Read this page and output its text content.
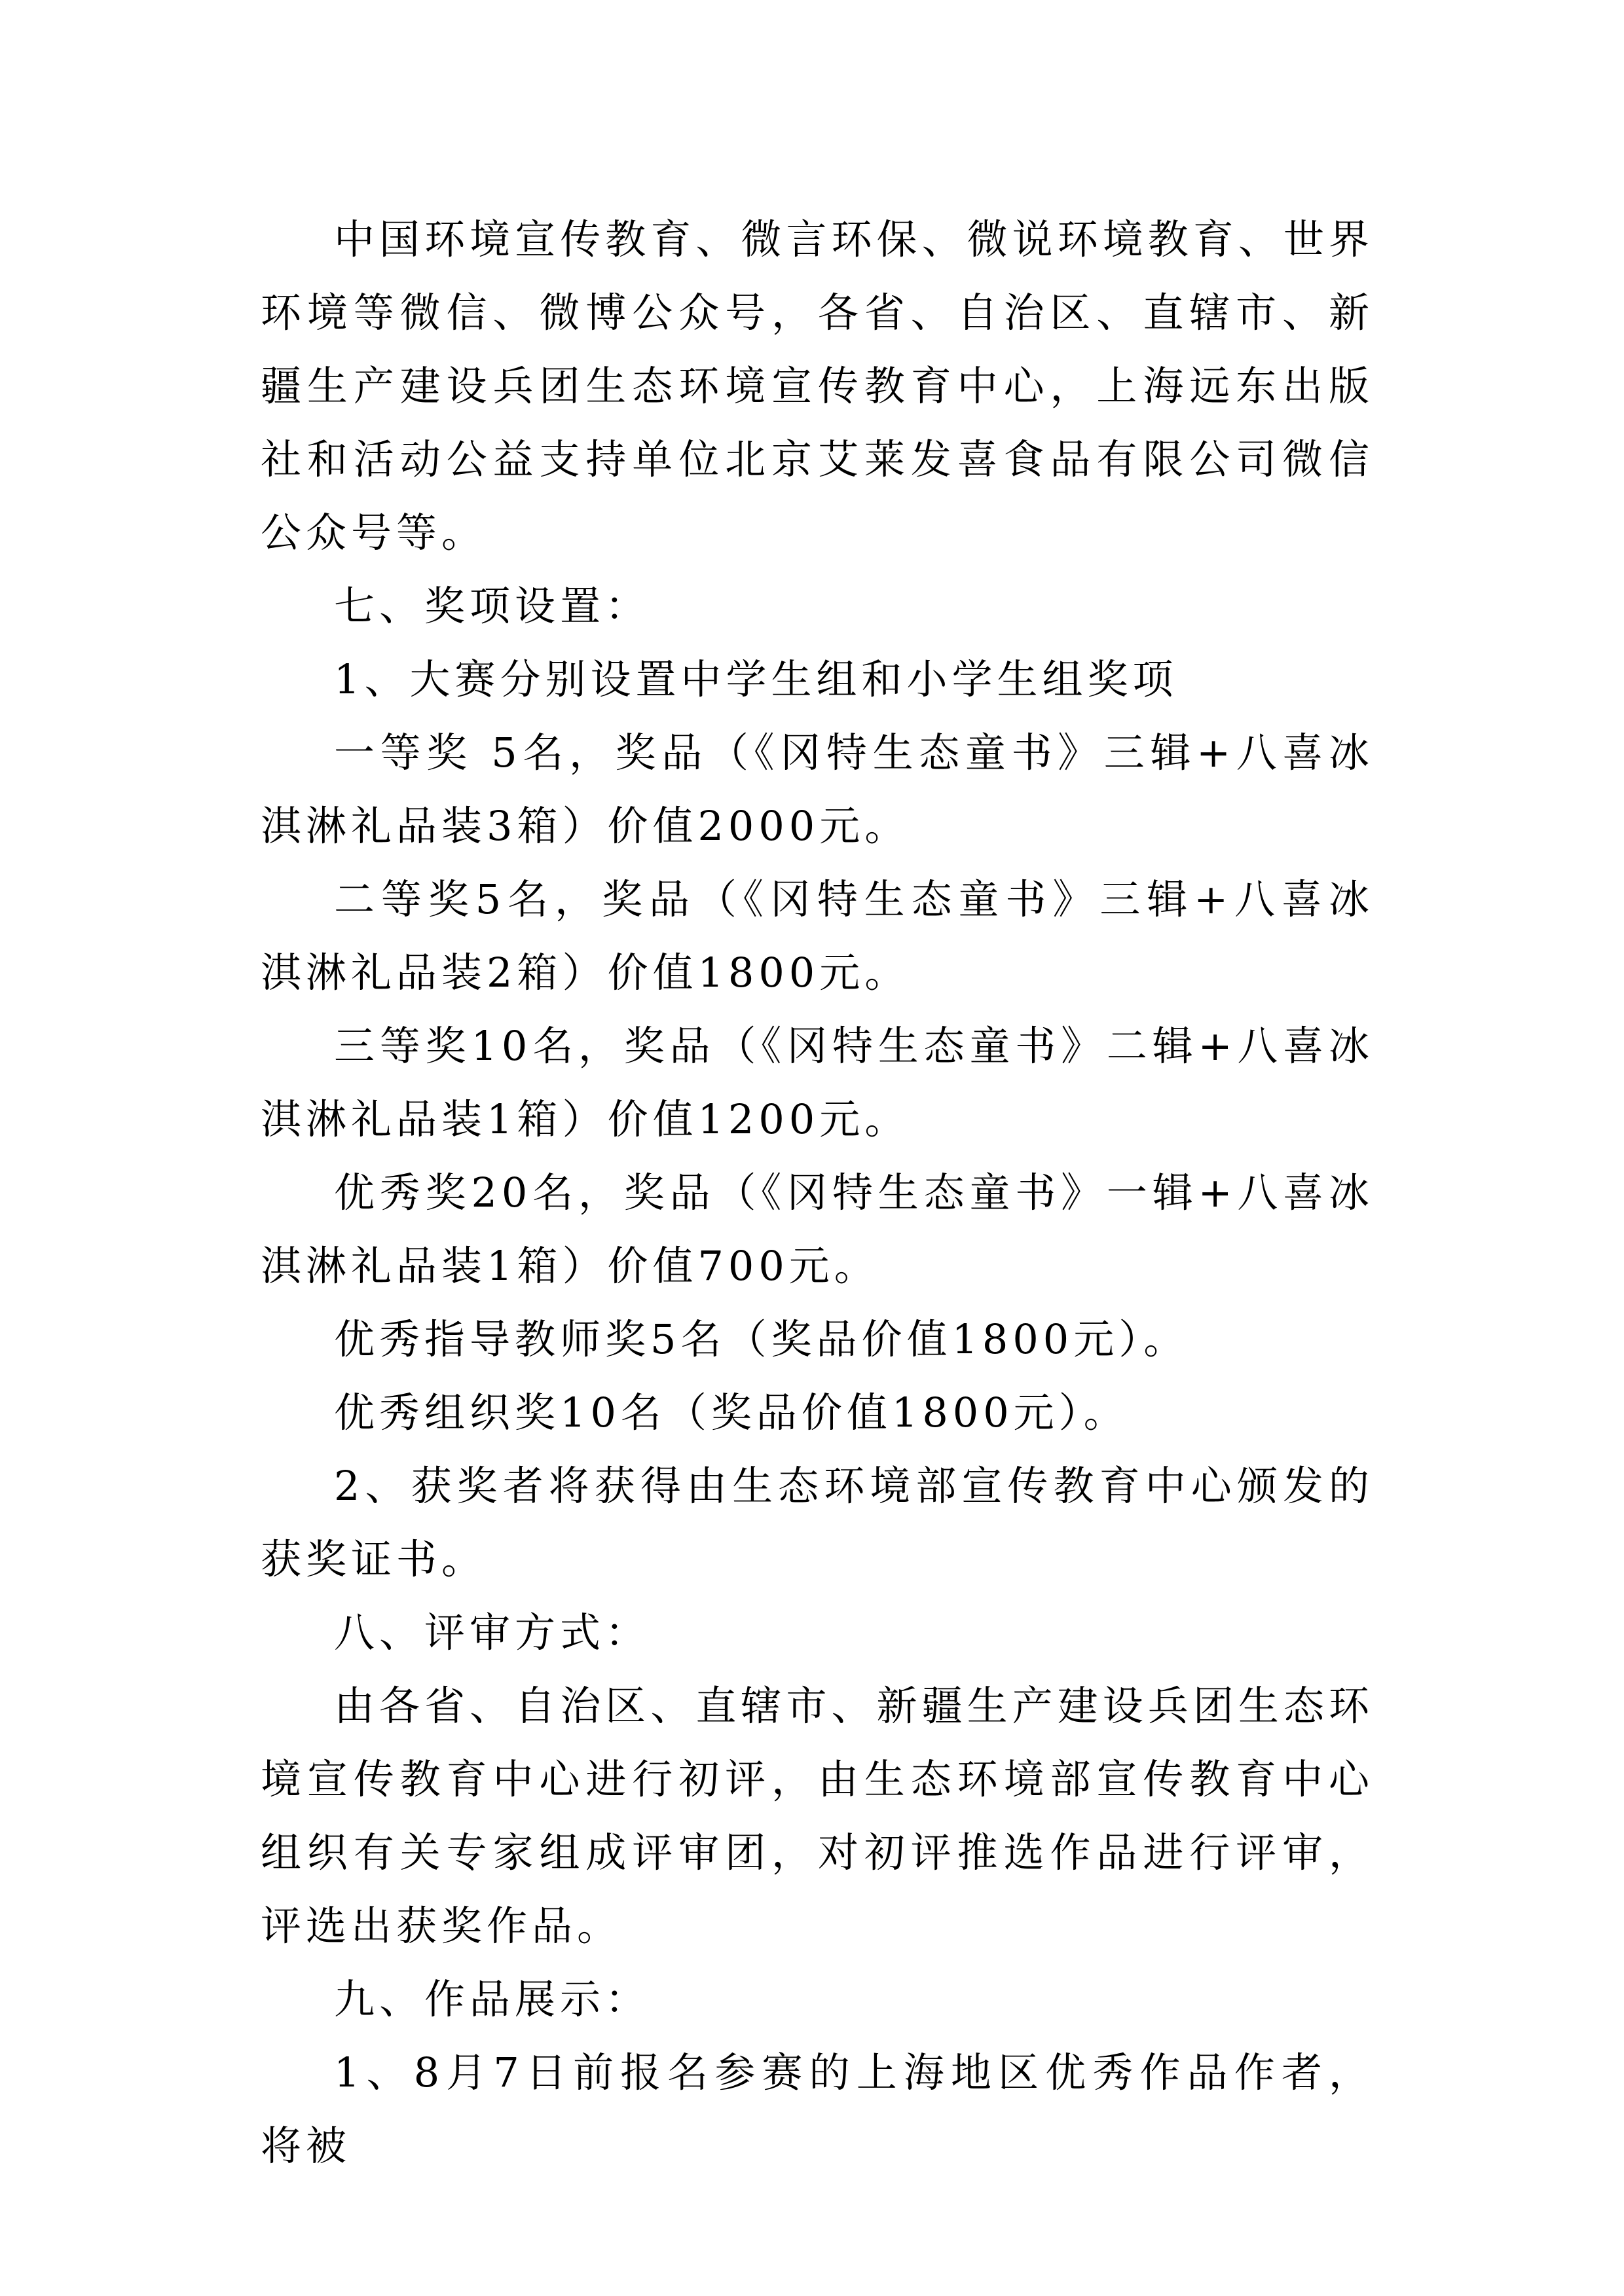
中国环境宣传教育、微言环保、微说环境教育、世界环境等微信、微博公众号，各省、自治区、直辖市、新疆生产建设兵团生态环境宣传教育中心，上海远东出版社和活动公益支持单位北京艾莱发喜食品有限公司微信公众号等。

七、奖项设置：

1、大赛分别设置中学生组和小学生组奖项

一等奖 5名，奖品（《冈特生态童书》三辑+八喜冰淇淋礼品装3箱）价值2000元。

二等奖5名，奖品（《冈特生态童书》三辑+八喜冰淇淋礼品装2箱）价值1800元。

三等奖10名，奖品（《冈特生态童书》二辑+八喜冰淇淋礼品装1箱）价值1200元。

优秀奖20名，奖品（《冈特生态童书》一辑+八喜冰淇淋礼品装1箱）价值700元。

优秀指导教师奖5名（奖品价值1800元）。

优秀组织奖10名（奖品价值1800元）。

2、获奖者将获得由生态环境部宣传教育中心颁发的获奖证书。

八、评审方式：

由各省、自治区、直辖市、新疆生产建设兵团生态环境宣传教育中心进行初评，由生态环境部宣传教育中心组织有关专家组成评审团，对初评推选作品进行评审，评选出获奖作品。

九、作品展示：

1、8月7日前报名参赛的上海地区优秀作品作者，将被
